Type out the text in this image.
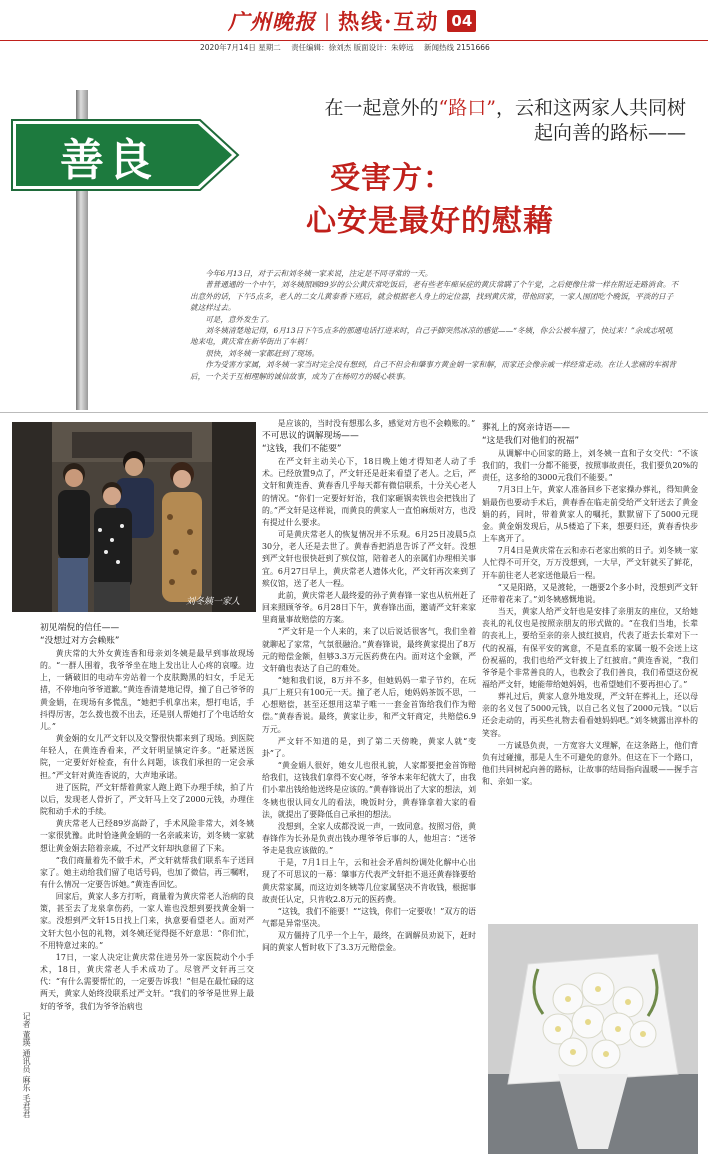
广州晚报 | 热线·互动 04
2020年7月14日 星期二 责任编辑：徐刘杰 版面设计：朱婷远 新闻热线 2151666
善良
在一起意外的“路口”，云和这两家人共同树起向善的路标——
受害方：
心安是最好的慰藉

今年6月13日，对于云和刘冬姨一家来说，注定是不同寻常的一天。

普普通通的一个中午，刘冬姨照顾89岁的公公黄庆常吃饭后，老有些老年痴呆症的黄庆常瞒了个午觉，之后便像往常一样在附近走路消食。不出意外的话，下午5点多，老人的二女儿黄泰香下班后，就会根据老人身上的定位器，找到黄庆常，带他回家，一家人围团吃个晚饭，平淡的日子就这样过去。

可是，意外发生了。

刘冬姨清楚地记得，6月13日下午5点多的那通电话打进来时，自己手脚突然冰凉的感觉——“冬姨，你公公被车撞了，快过来！”余成志吼吼地来电，黄庆常在新华街出了车祸！

很快，刘冬姨一家都赶到了现场。

作为受害方家属，刘冬姨一家当时完全没有想到，自己不但会和肇事方黄金娟一家和解，而家还会像亲戚一样经常走动。在让人悲痛的车祸背后，一个关于互相理解的诚信故事，成为了在杨叨方的暖心轶事。

刘冬姨一家人

初见端倪的信任——

“没想过对方会赖账”

黄庆常的大外女黄连香和母亲刘冬姨是最早到事故现场的。“一群人围着，我爷爷坐在地上发出让人心疼的哀嚎。边上，一辆破旧的电动车旁站着一个皮肤黝黑的妇女，手足无措，不停地向爷爷道歉。”黄连香清楚地记得，撞了自己爷爷的黄金娟，在现场有多慌乱，“她把手机拿出来，想打电话，手抖得厉害，怎么拨也拨不出去，还是别人帮她打了个电话给女儿。”

黄金娟的女儿严文轩以及交警很快都来到了现场。到医院年轻人，在黄连香看来，严文轩明显镇定许多。“赶紧送医院，一定要好好检查，有什么问题，该我们承担的一定会承担。”严文轩对黄连香说的，大声地承诺。

进了医院，严文轩帮着黄家人跑上跑下办理手续，拍了片以后，发现老人骨折了，严文轩马上交了2000元钱，办理住院和动手术的手续。

黄庆常老人已经89岁高龄了，手术风险非常大，刘冬姨一家很犹豫。此时恰逢黄金娟的一名亲戚来访，刘冬姨一家就想让黄金娟去陪着亲戚，不过严文轩却执意留了下来。

“我们商量着先不做手术，严文轩就帮我们联系车子送回家了。她主动给我们留了电话号码，也加了微信，再三嘱咐，有什么情况一定要告诉她。”黄连香回忆。

回家后，黄家人多方打听，商量着为黄庆常老人治病的良策，甚至去了龙泉拿伤药，一家人谁也没想到要找黄金娟一家。没想到严文轩15日找上门来，执意要看望老人。面对严文轩大包小包的礼物，刘冬姨还觉得挺不好意思：“你们忙，不用特意过来的。”

17日，一家人决定让黄庆常住进另外一家医院动个小手术，18日，黄庆常老人手术成功了。尽管严文轩再三交代：“有什么需要帮忙的，一定要告诉我！”但是在最忙碌的这两天，黄家人始终没联系过严文轩。“我们的爷爷是世界上最好的爷爷，我们为爷爷治病也

记者 董瑛 通讯员 麻乐 毛君君

是应该的，当时没有想那么多，感觉对方也不会赖账的。”

不可思议的调解现场——

“这钱，我们不能要”

在严文轩主动关心下，18日晚上她才得知老人动了手术。已经放置9点了，严文轩还是赶来看望了老人。之后，严文轩和黄连香、黄春香几乎每天都有微信联系，十分关心老人的情况。“你们一定要好好治，我们家砸锅卖铁也会把钱出了的。”严文轩是这样说，而黄良的黄家人一直怕麻烦对方，也没有提过什么要求。

可是黄庆常老人的恢复情况并不乐观。6月25日凌晨5点30分，老人还是去世了。黄春香把消息告诉了严文轩。没想到严文轩也很快赶到了殡仪馆，陪着老人的亲属们办理相关事宜。6月27日早上，黄庆常老人遗体火化，严文轩再次来到了殡仪馆，送了老人一程。

此前，黄庆常老人最终爱的孙子黄春锋一家也从杭州赶了回来照顾爷爷。6月28日下午，黄春锋出面，邀请严文轩来家里商量事故赔偿的方案。

“严文轩是一个人来的，来了以后说话很客气，我们坐着就聊起了家常，气氛很融洽。”黄春锋说，最终黄家提出了8万元的赔偿金额，但够3.3万元医药费在内。面对这个金额，严文轩确也表达了自己的难处。

“她和我们说，8万并不多，但她妈妈一辈子节约，在玩具厂上班只有100元一天。撞了老人后，她妈妈茶饭不思，一心想赔偿，甚至还想用这辈子唯一一套金首饰给我们作为赔偿。”黄春香说。最终，黄家让步，和严文轩商定，共赔偿6.9万元。

严文轩不知道的是，到了第二天傍晚，黄家人就“变卦”了。

“黄金娟人很好，她女儿也很礼貌，人家都要把金首饰赔给我们，这钱我们拿得不安心呀，爷爷本来年纪就大了，由我们小辈出钱给他送终是应该的。”黄春锋说出了大家的想法，刘冬姨也很认同女儿的看法，晚饭时分，黄春锋拿着大家的看法，就提出了要降低自己承担的想法。

没想到，全家人成都没说一声，一致同意。按照习俗，黄春锋作为长孙是负责出钱办理爷爷后事的人，他坦言：“送爷爷走是我应该做的。”

于是，7月1日上午，云和社会矛盾纠纷调处化解中心出现了不可思议的一幕：肇事方代表严文轩拒不退还黄春锋要给黄庆常家属，而这边刘冬姨等几位家属坚决不肯收钱，根据事故责任认定，只肯收2.8万元的医药费。

“这钱，我们不能要！”“这钱，你们一定要收！”双方的语气都是异常坚决。

双方僵持了几乎一个上午，最终，在调解员劝说下，赶时间的黄家人暂时收下了3.3万元赔偿金。

葬礼上的窝亲诗语——

“这是我们对他们的祝福”

从调解中心回家的路上，刘冬姨一直和子女交代：“不该我们的，我们一分都不能要，按照事故责任，我们要负20%的责任，这多给的3000元我们不能要。”

7月3日上午，黄家人准备回乡下老家操办葬礼，得知黄金娟最伤也要动手术后，黄春香在临走前受给严文轩送去了黄金娟的药，同时，带着黄家人的嘱托，默默留下了5000元现金。黄金娟发现后，从5楼追了下来，想要归还，黄春香快步上车离开了。

7月4日是黄庆常在云和赤石老家出殡的日子。刘冬姨一家人忙得不可开交，万万没想到，一大早，严文轩就买了鲜花，开车前往老人老家送他最后一程。

“又是阳路，又是渡轮，一趟要2个多小时，没想到严文轩还带着花来了。”刘冬姨感慨地说。

当天，黄家人给严文轩也是安排了亲朋友的座位，又给她丧礼的礼仪也是按照亲朋友的形式做的。“在我们当地，长辈的丧礼上，要给至亲的亲人披红披肩，代表了逝去长辈对下一代的祝福，有保平安的寓意，不是直系的家属一般不会送上这份祝福的，我们也给严文轩披上了红披肩。”黄连香说，“我们爷爷是个非常善良的人，也教会了我们善良，我们希望这份祝福给严文轩，她能带给她妈妈，也希望她们不要再担心了。”

葬礼过后，黄家人意外地发现，严文轩在葬礼上，还以母亲的名义包了5000元钱，以自己名义包了2000元钱。“以后还会走动的，再买些礼物去看看她妈妈吧。”刘冬姨露出淳朴的笑容。

一方诚恳负责，一方宽容大义理解，在这条路上，他们背负有过碰撞，那是人生不可避免的意外。但这在下一个路口，他们共同树起向善的路标，让故事的结局指向温暖——握手言和、亲如一家。
